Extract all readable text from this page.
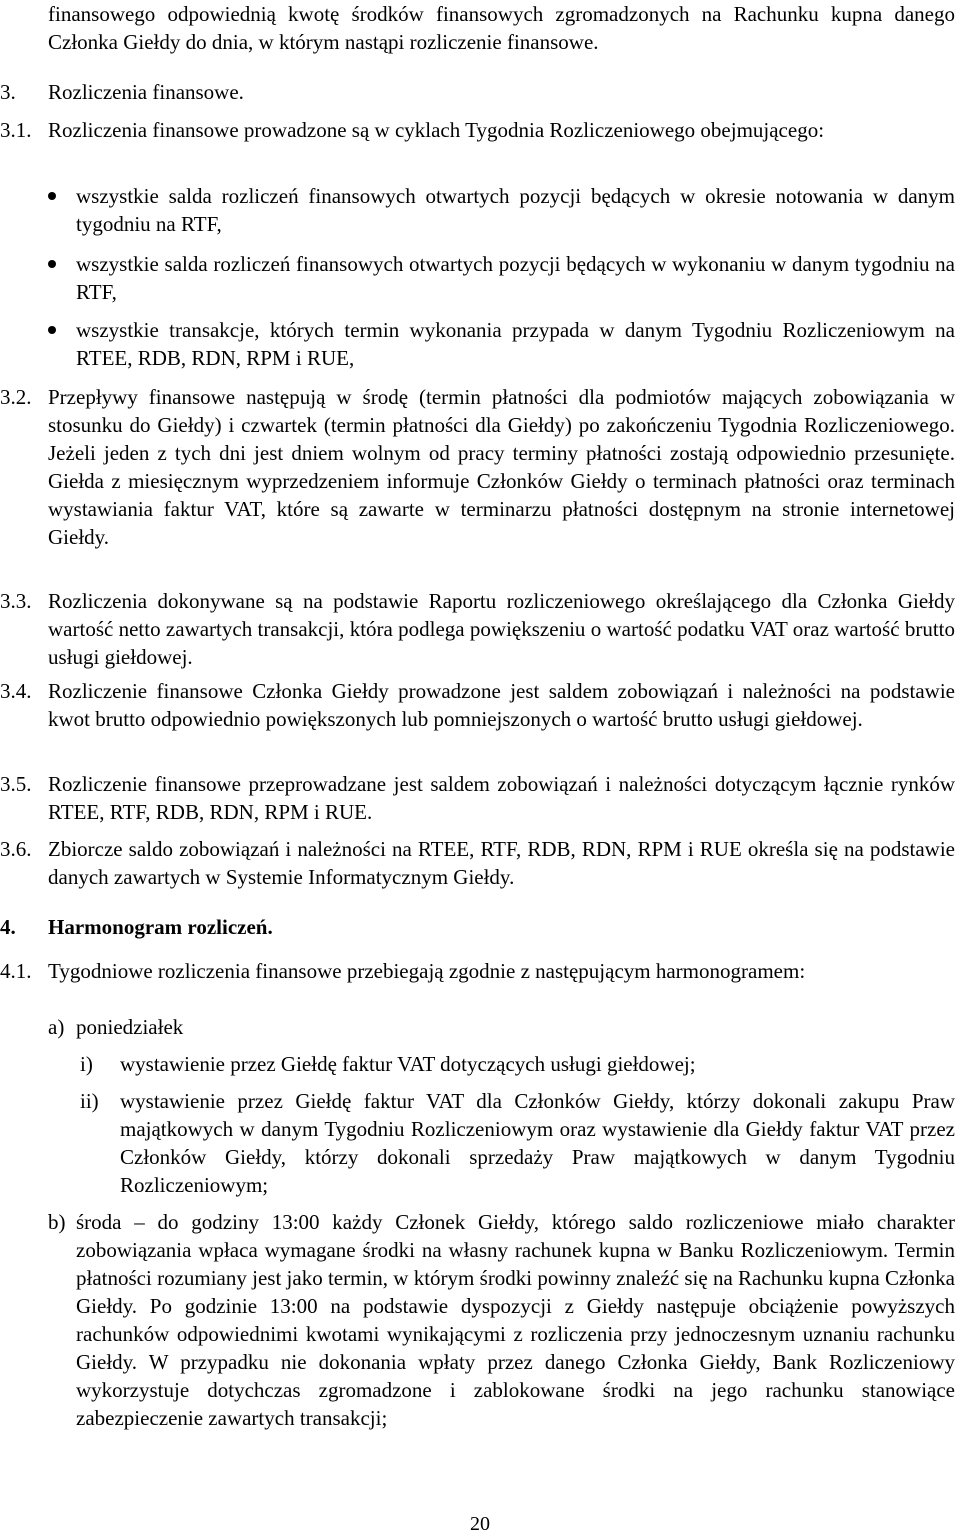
finansowego odpowiednią kwotę środków finansowych zgromadzonych na Rachunku kupna danego Członka Giełdy do dnia, w którym nastąpi rozliczenie finansowe.
3. Rozliczenia finansowe.
3.1. Rozliczenia finansowe prowadzone są w cyklach Tygodnia Rozliczeniowego obejmującego:
wszystkie salda rozliczeń finansowych otwartych pozycji będących w okresie notowania w danym tygodniu na RTF,
wszystkie salda rozliczeń finansowych otwartych pozycji będących w wykonaniu w danym tygodniu na RTF,
wszystkie transakcje, których termin wykonania przypada w danym Tygodniu Rozliczeniowym na RTEE, RDB, RDN, RPM i RUE,
3.2. Przepływy finansowe następują w środę (termin płatności dla podmiotów mających zobowiązania w stosunku do Giełdy) i czwartek (termin płatności dla Giełdy) po zakończeniu Tygodnia Rozliczeniowego. Jeżeli jeden z tych dni jest dniem wolnym od pracy terminy płatności zostają odpowiednio przesunięte. Giełda z miesięcznym wyprzedzeniem informuje Członków Giełdy o terminach płatności oraz terminach wystawiania faktur VAT, które są zawarte w terminarzu płatności dostępnym na stronie internetowej Giełdy.
3.3. Rozliczenia dokonywane są na podstawie Raportu rozliczeniowego określającego dla Członka Giełdy wartość netto zawartych transakcji, która podlega powiększeniu o wartość podatku VAT oraz wartość brutto usługi giełdowej.
3.4. Rozliczenie finansowe Członka Giełdy prowadzone jest saldem zobowiązań i należności na podstawie kwot brutto odpowiednio powiększonych lub pomniejszonych o wartość brutto usługi giełdowej.
3.5. Rozliczenie finansowe przeprowadzane jest saldem zobowiązań i należności dotyczącym łącznie rynków RTEE, RTF, RDB, RDN, RPM i RUE.
3.6. Zbiorcze saldo zobowiązań i należności na RTEE, RTF, RDB, RDN, RPM i RUE określa się na podstawie danych zawartych w Systemie Informatycznym Giełdy.
4. Harmonogram rozliczeń.
4.1. Tygodniowe rozliczenia finansowe przebiegają zgodnie z następującym harmonogramem:
a) poniedziałek
i) wystawienie przez Giełdę faktur VAT dotyczących usługi giełdowej;
ii) wystawienie przez Giełdę faktur VAT dla Członków Giełdy, którzy dokonali zakupu Praw majątkowych w danym Tygodniu Rozliczeniowym oraz wystawienie dla Giełdy faktur VAT przez Członków Giełdy, którzy dokonali sprzedaży Praw majątkowych w danym Tygodniu Rozliczeniowym;
b) środa – do godziny 13:00 każdy Członek Giełdy, którego saldo rozliczeniowe miało charakter zobowiązania wpłaca wymagane środki na własny rachunek kupna w Banku Rozliczeniowym. Termin płatności rozumiany jest jako termin, w którym środki powinny znaleźć się na Rachunku kupna Członka Giełdy. Po godzinie 13:00 na podstawie dyspozycji z Giełdy następuje obciążenie powyższych rachunków odpowiednimi kwotami wynikającymi z rozliczenia przy jednoczesnym uznaniu rachunku Giełdy. W przypadku nie dokonania wpłaty przez danego Członka Giełdy, Bank Rozliczeniowy wykorzystuje dotychczas zgromadzone i zablokowane środki na jego rachunku stanowiące zabezpieczenie zawartych transakcji;
20
